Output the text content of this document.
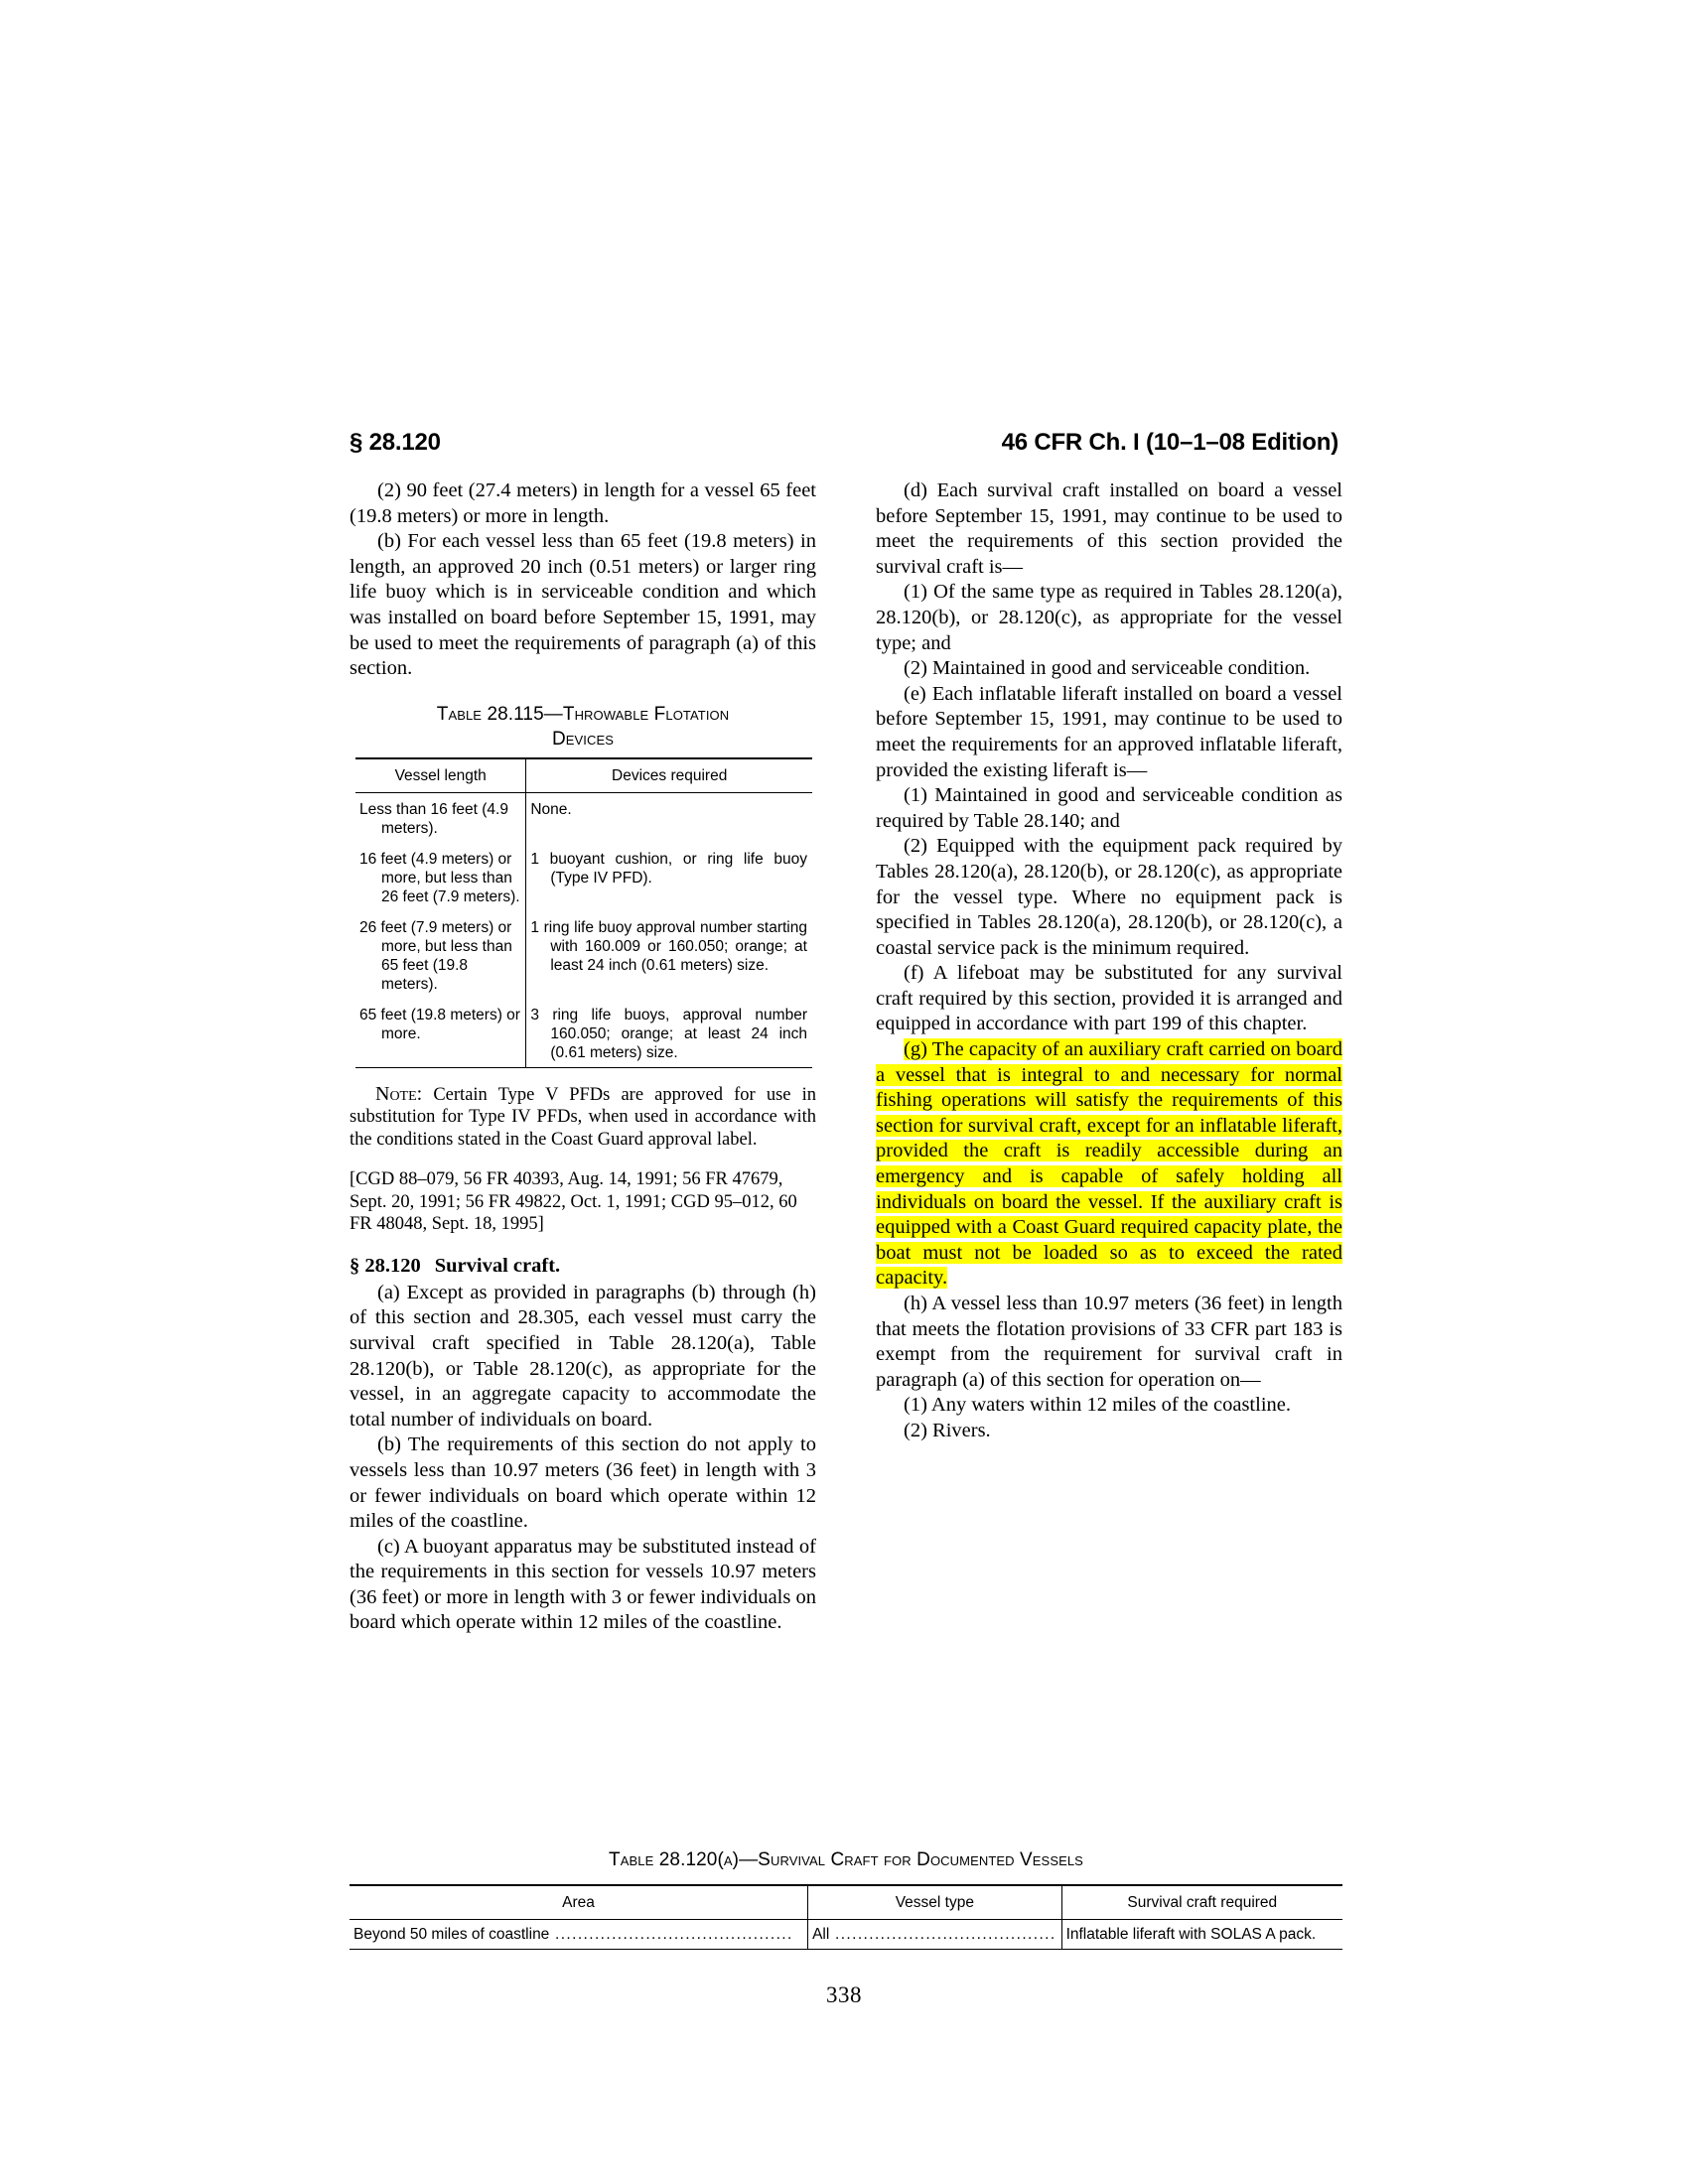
§ 28.120	46 CFR Ch. I (10–1–08 Edition)

(2) 90 feet (27.4 meters) in length for a vessel 65 feet (19.8 meters) or more in length.

(b) For each vessel less than 65 feet (19.8 meters) in length, an approved 20 inch (0.51 meters) or larger ring life buoy which is in serviceable condition and which was installed on board before September 15, 1991, may be used to meet the requirements of paragraph (a) of this section.

Table 28.115—Throwable Flotation
Devices
Vessel length	Devices required

Less than 16 feet (4.9 meters).	None.

16 feet (4.9 meters) or more, but less than 26 feet (7.9 meters).	1 buoyant cushion, or ring life buoy (Type IV PFD).

26 feet (7.9 meters) or more, but less than 65 feet (19.8 meters).	1 ring life buoy approval number starting with 160.009 or 160.050; orange; at least 24 inch (0.61 meters) size.

65 feet (19.8 meters) or more.	3 ring life buoys, approval number 160.050; orange; at least 24 inch (0.61 meters) size.

Note: Certain Type V PFDs are approved for use in substitution for Type IV PFDs, when used in accordance with the conditions stated in the Coast Guard approval label.

[CGD 88–079, 56 FR 40393, Aug. 14, 1991; 56 FR 47679, Sept. 20, 1991; 56 FR 49822, Oct. 1, 1991; CGD 95–012, 60 FR 48048, Sept. 18, 1995]

§ 28.120 Survival craft.

(a) Except as provided in paragraphs (b) through (h) of this section and 28.305, each vessel must carry the survival craft specified in Table 28.120(a), Table 28.120(b), or Table 28.120(c), as appropriate for the vessel, in an aggregate capacity to accommodate the total number of individuals on board.

(b) The requirements of this section do not apply to vessels less than 10.97 meters (36 feet) in length with 3 or fewer individuals on board which operate within 12 miles of the coastline.

(c) A buoyant apparatus may be substituted instead of the requirements in this section for vessels 10.97 meters (36 feet) or more in length with 3 or fewer individuals on board which operate within 12 miles of the coastline.

(d) Each survival craft installed on board a vessel before September 15, 1991, may continue to be used to meet the requirements of this section provided the survival craft is—

(1) Of the same type as required in Tables 28.120(a), 28.120(b), or 28.120(c), as appropriate for the vessel type; and

(2) Maintained in good and serviceable condition.

(e) Each inflatable liferaft installed on board a vessel before September 15, 1991, may continue to be used to meet the requirements for an approved inflatable liferaft, provided the existing liferaft is—

(1) Maintained in good and serviceable condition as required by Table 28.140; and

(2) Equipped with the equipment pack required by Tables 28.120(a), 28.120(b), or 28.120(c), as appropriate for the vessel type. Where no equipment pack is specified in Tables 28.120(a), 28.120(b), or 28.120(c), a coastal service pack is the minimum required.

(f) A lifeboat may be substituted for any survival craft required by this section, provided it is arranged and equipped in accordance with part 199 of this chapter.

(g) The capacity of an auxiliary craft carried on board a vessel that is integral to and necessary for normal fishing operations will satisfy the requirements of this section for survival craft, except for an inflatable liferaft, provided the craft is readily accessible during an emergency and is capable of safely holding all individuals on board the vessel. If the auxiliary craft is equipped with a Coast Guard required capacity plate, the boat must not be loaded so as to exceed the rated capacity.

(h) A vessel less than 10.97 meters (36 feet) in length that meets the flotation provisions of 33 CFR part 183 is exempt from the requirement for survival craft in paragraph (a) of this section for operation on—

(1) Any waters within 12 miles of the coastline.

(2) Rivers.

Table 28.120(a)—Survival Craft for Documented Vessels
Area	Vessel type	Survival craft required
Beyond 50 miles of coastline ..........................................	All .......................................	Inflatable liferaft with SOLAS A pack.
338
